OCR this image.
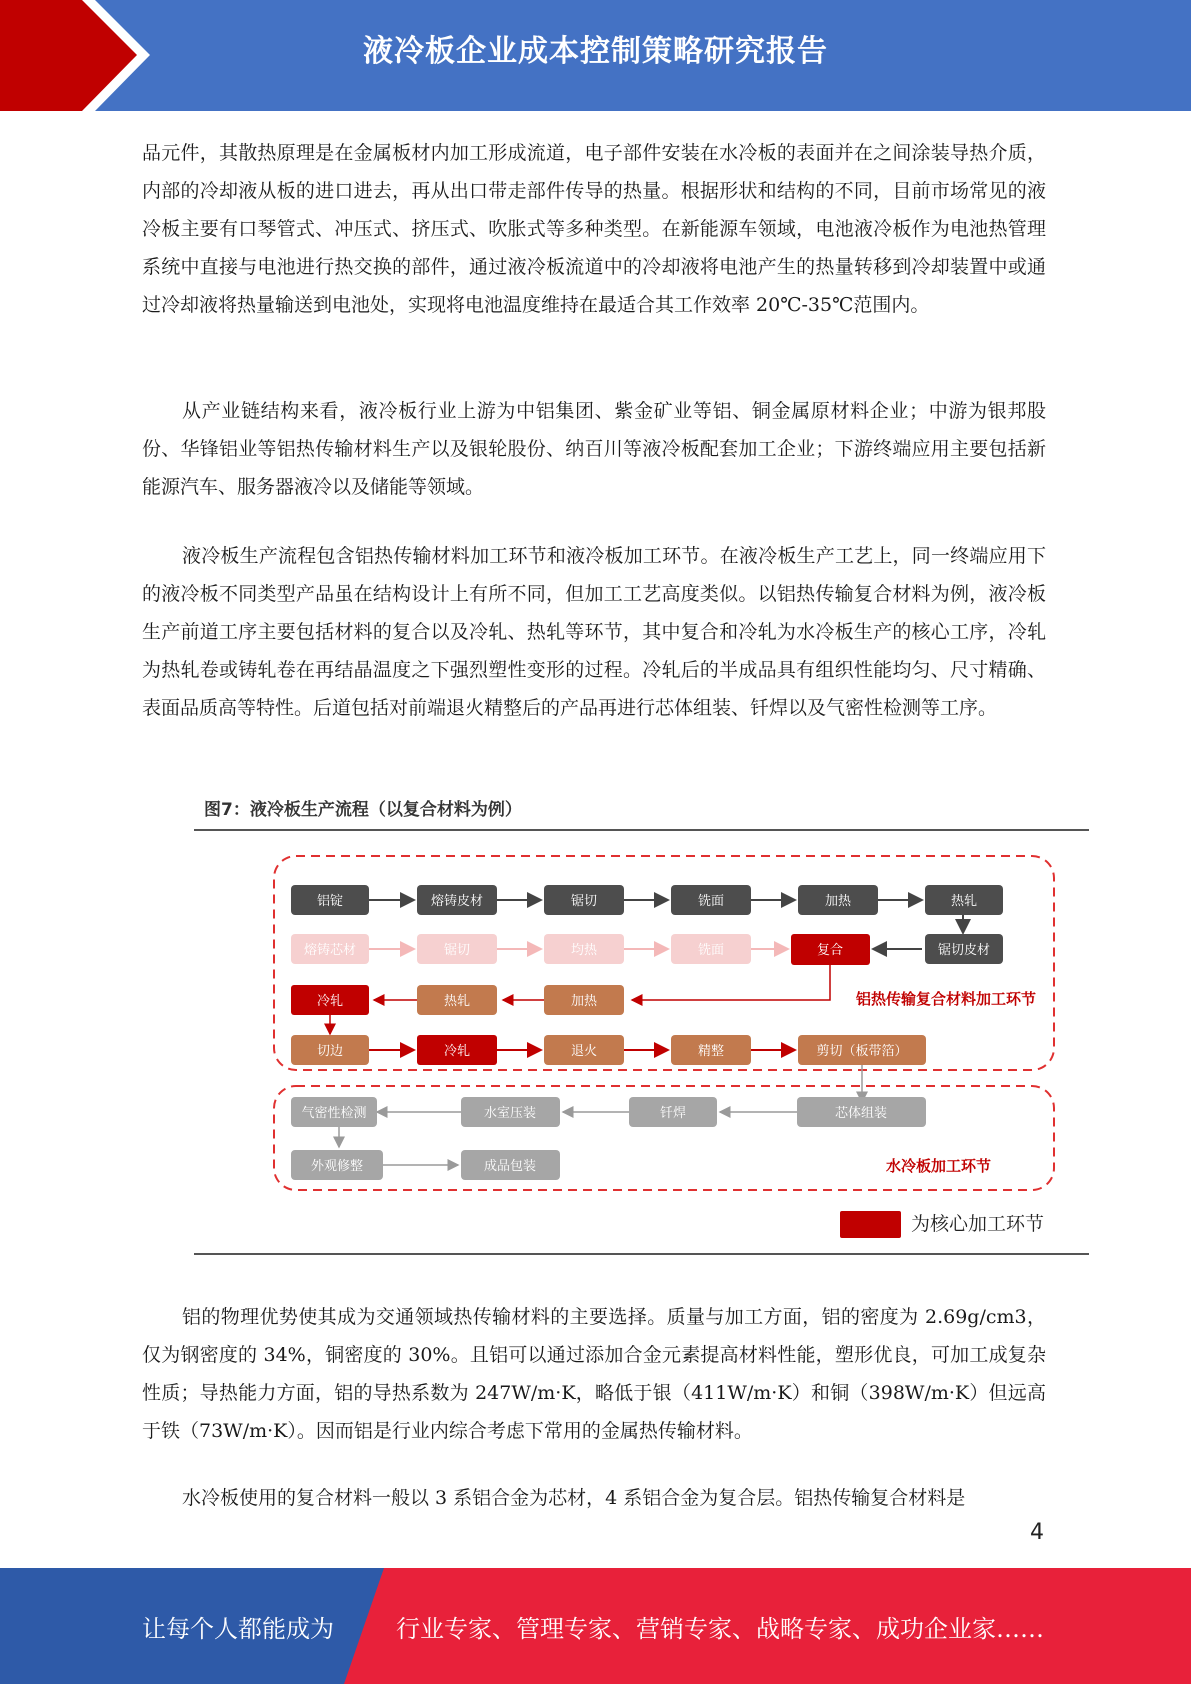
液冷板企业成本控制策略研究报告

品元件，其散热原理是在金属板材内加工形成流道，电子部件安装在水冷板的表面并在之间涂装导热介质，内部的冷却液从板的进口进去，再从出口带走部件传导的热量。根据形状和结构的不同，目前市场常见的液冷板主要有口琴管式、冲压式、挤压式、吹胀式等多种类型。在新能源车领域，电池液冷板作为电池热管理系统中直接与电池进行热交换的部件，通过液冷板流道中的冷却液将电池产生的热量转移到冷却装置中或通过冷却液将热量输送到电池处，实现将电池温度维持在最适合其工作效率 20℃-35℃范围内。

从产业链结构来看，液冷板行业上游为中铝集团、紫金矿业等铝、铜金属原材料企业；中游为银邦股份、华锋铝业等铝热传输材料生产以及银轮股份、纳百川等液冷板配套加工企业；下游终端应用主要包括新能源汽车、服务器液冷以及储能等领域。

液冷板生产流程包含铝热传输材料加工环节和液冷板加工环节。在液冷板生产工艺上，同一终端应用下的液冷板不同类型产品虽在结构设计上有所不同，但加工工艺高度类似。以铝热传输复合材料为例，液冷板生产前道工序主要包括材料的复合以及冷轧、热轧等环节，其中复合和冷轧为水冷板生产的核心工序，冷轧为热轧卷或铸轧卷在再结晶温度之下强烈塑性变形的过程。冷轧后的半成品具有组织性能均匀、尺寸精确、表面品质高等特性。后道包括对前端退火精整后的产品再进行芯体组装、钎焊以及气密性检测等工序。

图7：液冷板生产流程（以复合材料为例）
铝锭	熔铸皮材	锯切	铣面	加热	热轧
熔铸芯材	锯切	均热	铣面	复合	锯切皮材
冷轧	热轧	加热
切边	冷轧	退火	精整	剪切（板带箔）
气密性检测	水室压装	钎焊	芯体组装
外观修整	成品包装
铝热传输复合材料加工环节
水冷板加工环节
为核心加工环节

铝的物理优势使其成为交通领域热传输材料的主要选择。质量与加工方面，铝的密度为 2.69g/cm3，仅为钢密度的 34%，铜密度的 30%。且铝可以通过添加合金元素提高材料性能，塑形优良，可加工成复杂性质；导热能力方面，铝的导热系数为 247W/m·K，略低于银（411W/m·K）和铜（398W/m·K）但远高于铁（73W/m·K）。因而铝是行业内综合考虑下常用的金属热传输材料。

水冷板使用的复合材料一般以 3 系铝合金为芯材，4 系铝合金为复合层。铝热传输复合材料是

4
让每个人都能成为	行业专家、管理专家、营销专家、战略专家、成功企业家……
